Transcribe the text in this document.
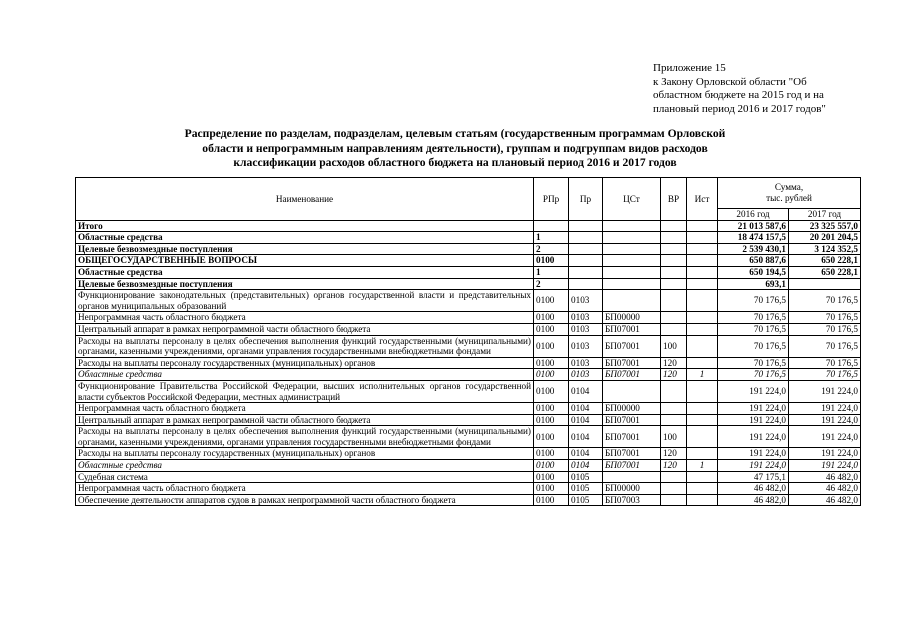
Приложение 15
к Закону Орловской области "Об
областном бюджете на 2015 год и на
плановый период 2016 и 2017 годов"
Распределение по разделам, подразделам, целевым статьям (государственным программам Орловской
области и непрограммным направлениям деятельности), группам и подгруппам видов расходов
классификации расходов областного бюджета на плановый период 2016 и 2017 годов
Наименование	РПр	Пр	ЦСт	ВР	Ист	Сумма,
тыс. рублей	

						2016 год	2017 год
Итого						21 013 587,6	23 325 557,0
Областные средства	1					18 474 157,5	20 201 204,5
Целевые безвозмездные поступления	2					2 539 430,1	3 124 352,5
ОБЩЕГОСУДАРСТВЕННЫЕ ВОПРОСЫ	0100					650 887,6	650 228,1
Областные средства	1					650 194,5	650 228,1
Целевые безвозмездные поступления	2					693,1	
Функционирование законодательных (представительных) органов государственной власти и представительных органов муниципальных образований	0100	0103				70 176,5	70 176,5
Непрограммная часть областного бюджета	0100	0103	БП00000			70 176,5	70 176,5
Центральный аппарат в рамках непрограммной части областного бюджета	0100	0103	БП07001			70 176,5	70 176,5
Расходы на выплаты персоналу в целях обеспечения выполнения функций государственными (муниципальными) органами, казенными учреждениями, органами управления государственными внебюджетными фондами	0100	0103	БП07001	100		70 176,5	70 176,5
Расходы на выплаты персоналу государственных (муниципальных) органов	0100	0103	БП07001	120		70 176,5	70 176,5
Областные средства	0100	0103	БП07001	120	1	70 176,5	70 176,5
Функционирование Правительства Российской Федерации, высших исполнительных органов государственной власти субъектов Российской Федерации, местных администраций	0100	0104				191 224,0	191 224,0
Непрограммная часть областного бюджета	0100	0104	БП00000			191 224,0	191 224,0
Центральный аппарат в рамках непрограммной части областного бюджета	0100	0104	БП07001			191 224,0	191 224,0
Расходы на выплаты персоналу в целях обеспечения выполнения функций государственными (муниципальными) органами, казенными учреждениями, органами управления государственными внебюджетными фондами	0100	0104	БП07001	100		191 224,0	191 224,0
Расходы на выплаты персоналу государственных (муниципальных) органов	0100	0104	БП07001	120		191 224,0	191 224,0
Областные средства	0100	0104	БП07001	120	1	191 224,0	191 224,0
Судебная система	0100	0105				47 175,1	46 482,0
Непрограммная часть областного бюджета	0100	0105	БП00000			46 482,0	46 482,0
Обеспечение деятельности аппаратов судов в рамках непрограммной части областного бюджета	0100	0105	БП07003			46 482,0	46 482,0
